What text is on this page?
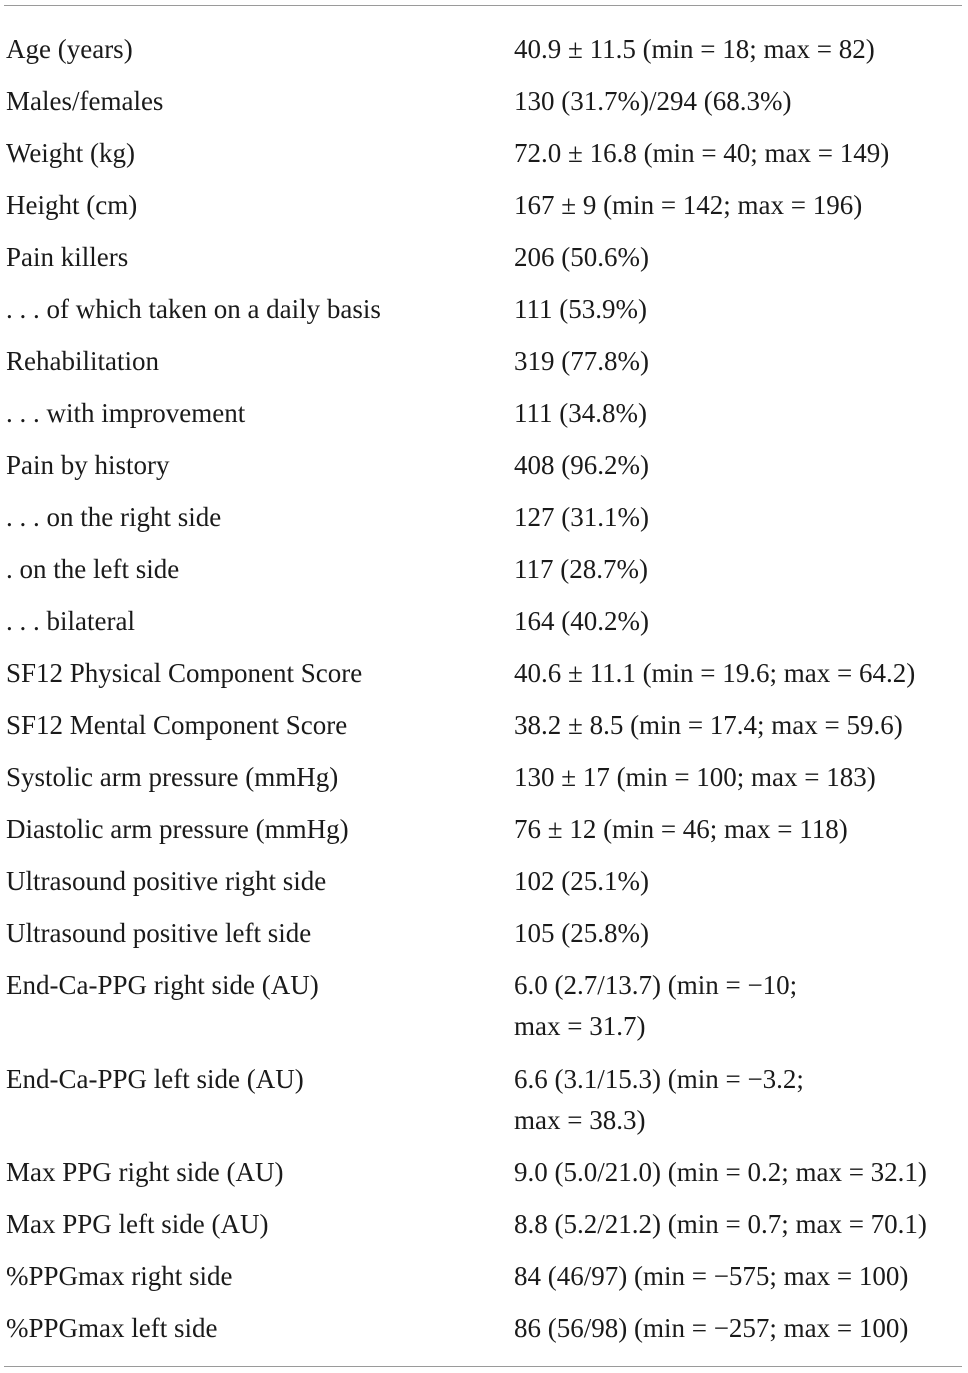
Age (years)	40.9 ± 11.5 (min = 18; max = 82)

Males/females	130 (31.7%)/294 (68.3%)

Weight (kg)	72.0 ± 16.8 (min = 40; max = 149)

Height (cm)	167 ± 9 (min = 142; max = 196)

Pain killers	206 (50.6%)

. . . of which taken on a daily basis	111 (53.9%)

Rehabilitation	319 (77.8%)

. . . with improvement	111 (34.8%)

Pain by history	408 (96.2%)

. . . on the right side	127 (31.1%)

. on the left side	117 (28.7%)

. . . bilateral	164 (40.2%)

SF12 Physical Component Score	40.6 ± 11.1 (min = 19.6; max = 64.2)

SF12 Mental Component Score	38.2 ± 8.5 (min = 17.4; max = 59.6)

Systolic arm pressure (mmHg)	130 ± 17 (min = 100; max = 183)

Diastolic arm pressure (mmHg)	76 ± 12 (min = 46; max = 118)

Ultrasound positive right side	102 (25.1%)

Ultrasound positive left side	105 (25.8%)

End-Ca-PPG right side (AU)	6.0 (2.7/13.7) (min = −10;
max = 31.7)

End-Ca-PPG left side (AU)	6.6 (3.1/15.3) (min = −3.2;
max = 38.3)

Max PPG right side (AU)	9.0 (5.0/21.0) (min = 0.2; max = 32.1)

Max PPG left side (AU)	8.8 (5.2/21.2) (min = 0.7; max = 70.1)

%PPGmax right side	84 (46/97) (min = −575; max = 100)

%PPGmax left side	86 (56/98) (min = −257; max = 100)
